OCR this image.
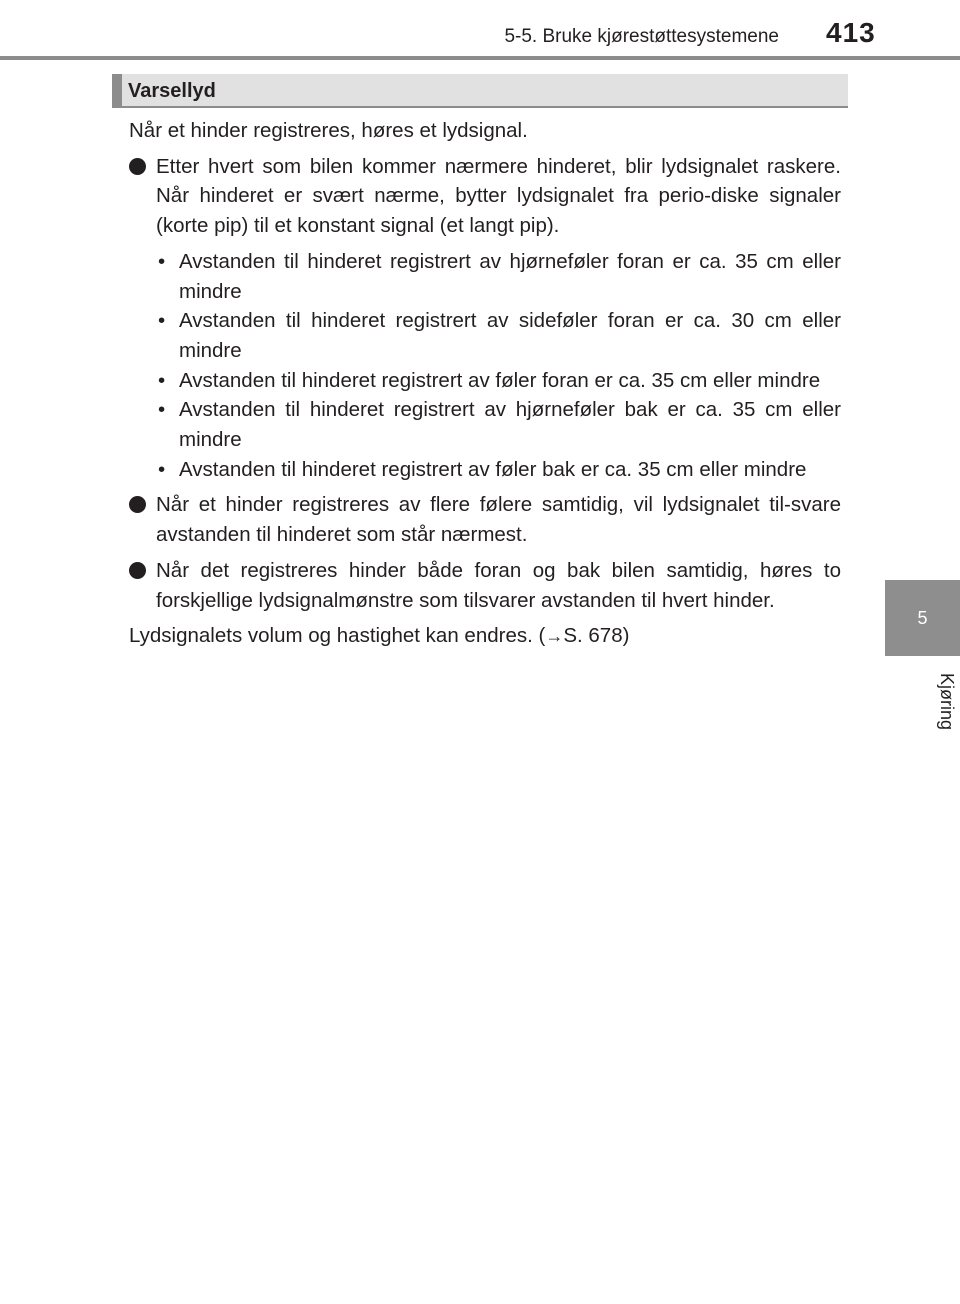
5-5. Bruke kjørestøttesystemene 413
5
Kjøring
Varsellyd

Når et hinder registreres, høres et lydsignal.

Etter hvert som bilen kommer nærmere hinderet, blir lydsignalet raskere. Når hinderet er svært nærme, bytter lydsignalet fra perio-diske signaler (korte pip) til et konstant signal (et langt pip).

• Avstanden til hinderet registrert av hjørneføler foran er ca. 35 cm eller mindre

• Avstanden til hinderet registrert av sideføler foran er ca. 30 cm eller mindre

• Avstanden til hinderet registrert av føler foran er ca. 35 cm eller mindre

• Avstanden til hinderet registrert av hjørneføler bak er ca. 35 cm eller mindre

• Avstanden til hinderet registrert av føler bak er ca. 35 cm eller mindre

Når et hinder registreres av flere følere samtidig, vil lydsignalet til-svare avstanden til hinderet som står nærmest.
Når det registreres hinder både foran og bak bilen samtidig, høres to forskjellige lydsignalmønstre som tilsvarer avstanden til hvert hinder.

Lydsignalets volum og hastighet kan endres. (→S. 678)
